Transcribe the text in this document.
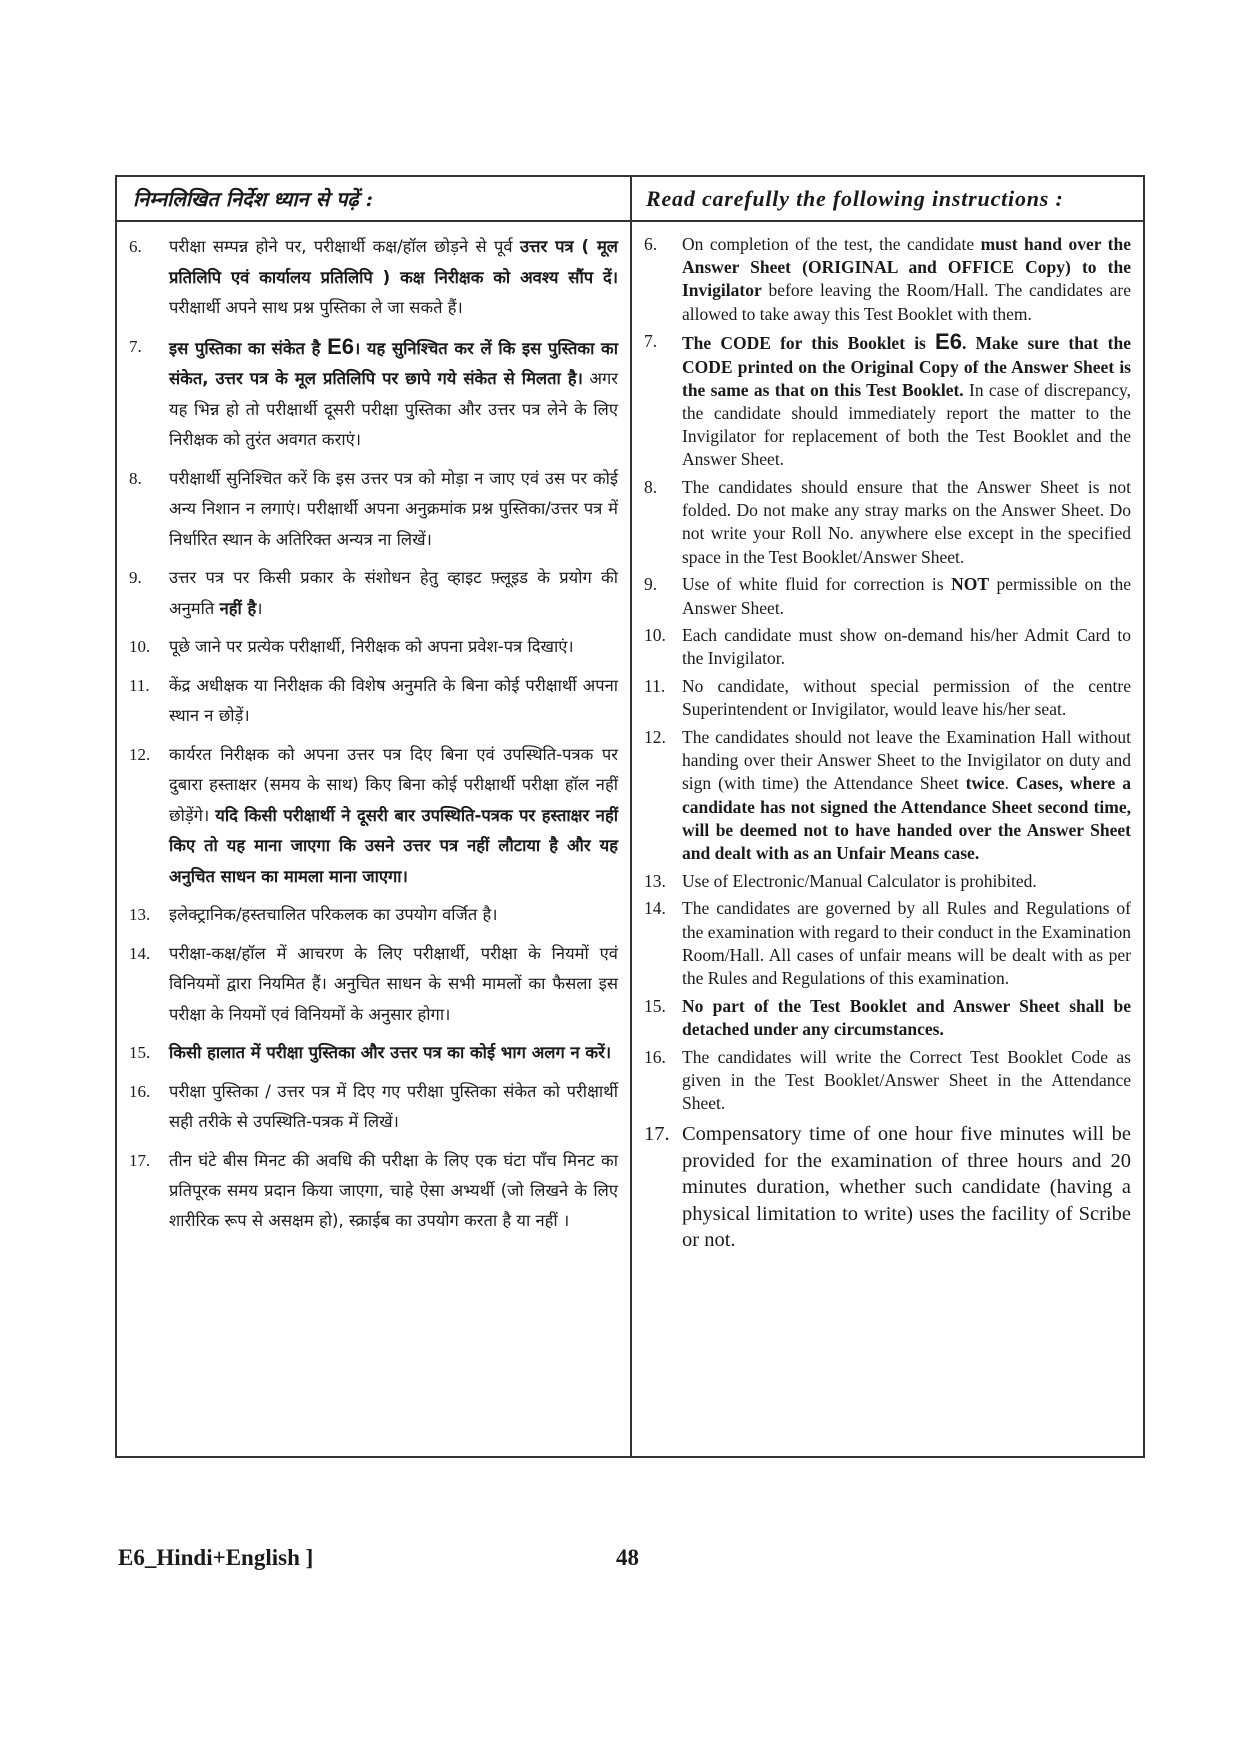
निम्नलिखित निर्देश ध्यान से पढ़ें :
6.	परीक्षा सम्पन्न होने पर, परीक्षार्थी कक्ष/हॉल छोड़ने से पूर्व उत्तर पत्र ( मूल प्रतिलिपि एवं कार्यालय प्रतिलिपि ) कक्ष निरीक्षक को अवश्य सौंप दें। परीक्षार्थी अपने साथ प्रश्न पुस्तिका ले जा सकते हैं।
7.	इस पुस्तिका का संकेत है E6। यह सुनिश्चित कर लें कि इस पुस्तिका का संकेत, उत्तर पत्र के मूल प्रतिलिपि पर छापे गये संकेत से मिलता है। अगर यह भिन्न हो तो परीक्षार्थी दूसरी परीक्षा पुस्तिका और उत्तर पत्र लेने के लिए निरीक्षक को तुरंत अवगत कराएं।
8.	परीक्षार्थी सुनिश्चित करें कि इस उत्तर पत्र को मोड़ा न जाए एवं उस पर कोई अन्य निशान न लगाएं। परीक्षार्थी अपना अनुक्रमांक प्रश्न पुस्तिका/उत्तर पत्र में निर्धारित स्थान के अतिरिक्त अन्यत्र ना लिखें।
9.	उत्तर पत्र पर किसी प्रकार के संशोधन हेतु व्हाइट फ़्लूइड के प्रयोग की अनुमति नहीं है।
10.	पूछे जाने पर प्रत्येक परीक्षार्थी, निरीक्षक को अपना प्रवेश-पत्र दिखाएं।
11.	केंद्र अधीक्षक या निरीक्षक की विशेष अनुमति के बिना कोई परीक्षार्थी अपना स्थान न छोड़ें।
12.	कार्यरत निरीक्षक को अपना उत्तर पत्र दिए बिना एवं उपस्थिति-पत्रक पर दुबारा हस्ताक्षर (समय के साथ) किए बिना कोई परीक्षार्थी परीक्षा हॉल नहीं छोड़ेंगे। यदि किसी परीक्षार्थी ने दूसरी बार उपस्थिति-पत्रक पर हस्ताक्षर नहीं किए तो यह माना जाएगा कि उसने उत्तर पत्र नहीं लौटाया है और यह अनुचित साधन का मामला माना जाएगा।
13.	इलेक्ट्रानिक/हस्तचालित परिकलक का उपयोग वर्जित है।
14.	परीक्षा-कक्ष/हॉल में आचरण के लिए परीक्षार्थी, परीक्षा के नियमों एवं विनियमों द्वारा नियमित हैं। अनुचित साधन के सभी मामलों का फैसला इस परीक्षा के नियमों एवं विनियमों के अनुसार होगा।
15.	किसी हालात में परीक्षा पुस्तिका और उत्तर पत्र का कोई भाग अलग न करें।
16.	परीक्षा पुस्तिका / उत्तर पत्र में दिए गए परीक्षा पुस्तिका संकेत को परीक्षार्थी सही तरीके से उपस्थिति-पत्रक में लिखें।
17.	तीन घंटे बीस मिनट की अवधि की परीक्षा के लिए एक घंटा पाँच मिनट का प्रतिपूरक समय प्रदान किया जाएगा, चाहे ऐसा अभ्यर्थी (जो लिखने के लिए शारीरिक रूप से असक्षम हो), स्क्राईब का उपयोग करता है या नहीं ।
Read carefully the following instructions :
6.	On completion of the test, the candidate must hand over the Answer Sheet (ORIGINAL and OFFICE Copy) to the Invigilator before leaving the Room/Hall. The candidates are allowed to take away this Test Booklet with them.
7.	The CODE for this Booklet is E6. Make sure that the CODE printed on the Original Copy of the Answer Sheet is the same as that on this Test Booklet. In case of discrepancy, the candidate should immediately report the matter to the Invigilator for replacement of both the Test Booklet and the Answer Sheet.
8.	The candidates should ensure that the Answer Sheet is not folded. Do not make any stray marks on the Answer Sheet. Do not write your Roll No. anywhere else except in the specified space in the Test Booklet/Answer Sheet.
9.	Use of white fluid for correction is NOT permissible on the Answer Sheet.
10. Each candidate must show on-demand his/her Admit Card to the Invigilator.
11. No candidate, without special permission of the centre Superintendent or Invigilator, would leave his/her seat.
12. The candidates should not leave the Examination Hall without handing over their Answer Sheet to the Invigilator on duty and sign (with time) the Attendance Sheet twice. Cases, where a candidate has not signed the Attendance Sheet second time, will be deemed not to have handed over the Answer Sheet and dealt with as an Unfair Means case.
13. Use of Electronic/Manual Calculator is prohibited.
14. The candidates are governed by all Rules and Regulations of the examination with regard to their conduct in the Examination Room/Hall. All cases of unfair means will be dealt with as per the Rules and Regulations of this examination.
15. No part of the Test Booklet and Answer Sheet shall be detached under any circumstances.
16. The candidates will write the Correct Test Booklet Code as given in the Test Booklet/Answer Sheet in the Attendance Sheet.
17. Compensatory time of one hour five minutes will be provided for the examination of three hours and 20 minutes duration, whether such candidate (having a physical limitation to write) uses the facility of Scribe or not.
E6_Hindi+English ]	48
